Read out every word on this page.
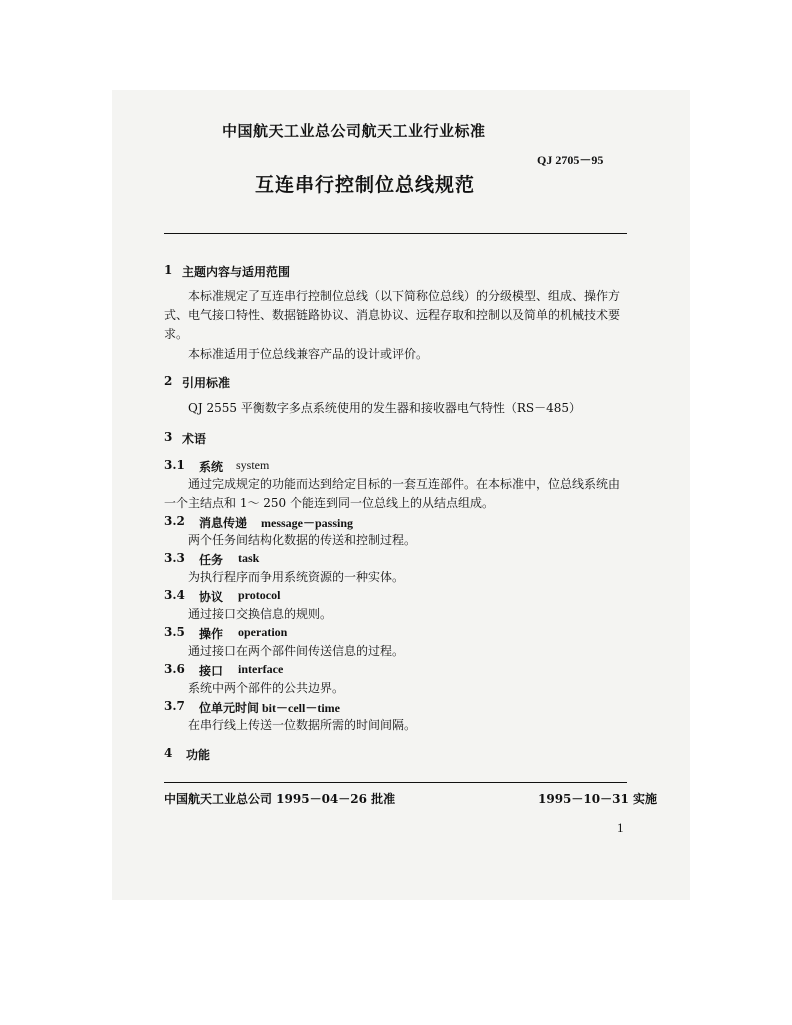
中国航天工业总公司航天工业行业标准
QJ 2705－95
互连串行控制位总线规范
1 主题内容与适用范围
本标准规定了互连串行控制位总线（以下简称位总线）的分级模型、组成、操作方
式、电气接口特性、数据链路协议、消息协议、远程存取和控制以及简单的机械技术要
求。
本标准适用于位总线兼容产品的设计或评价。
2 引用标准
QJ 2555 平衡数字多点系统使用的发生器和接收器电气特性（RS－485）
3 术语
3.1 系统 system
通过完成规定的功能而达到给定目标的一套互连部件。在本标准中，位总线系统由
一个主结点和 1～ 250 个能连到同一位总线上的从结点组成。
3.2 消息传递 message－passing
两个任务间结构化数据的传送和控制过程。
3.3 任务 task
为执行程序而争用系统资源的一种实体。
3.4 协议 protocol
通过接口交换信息的规则。
3.5 操作 operation
通过接口在两个部件间传送信息的过程。
3.6 接口 interface
系统中两个部件的公共边界。
3.7 位单元时间 bit－cell－time
在串行线上传送一位数据所需的时间间隔。
4 功能
中国航天工业总公司 1995－04－26 批准	1995－10－31 实施
1
